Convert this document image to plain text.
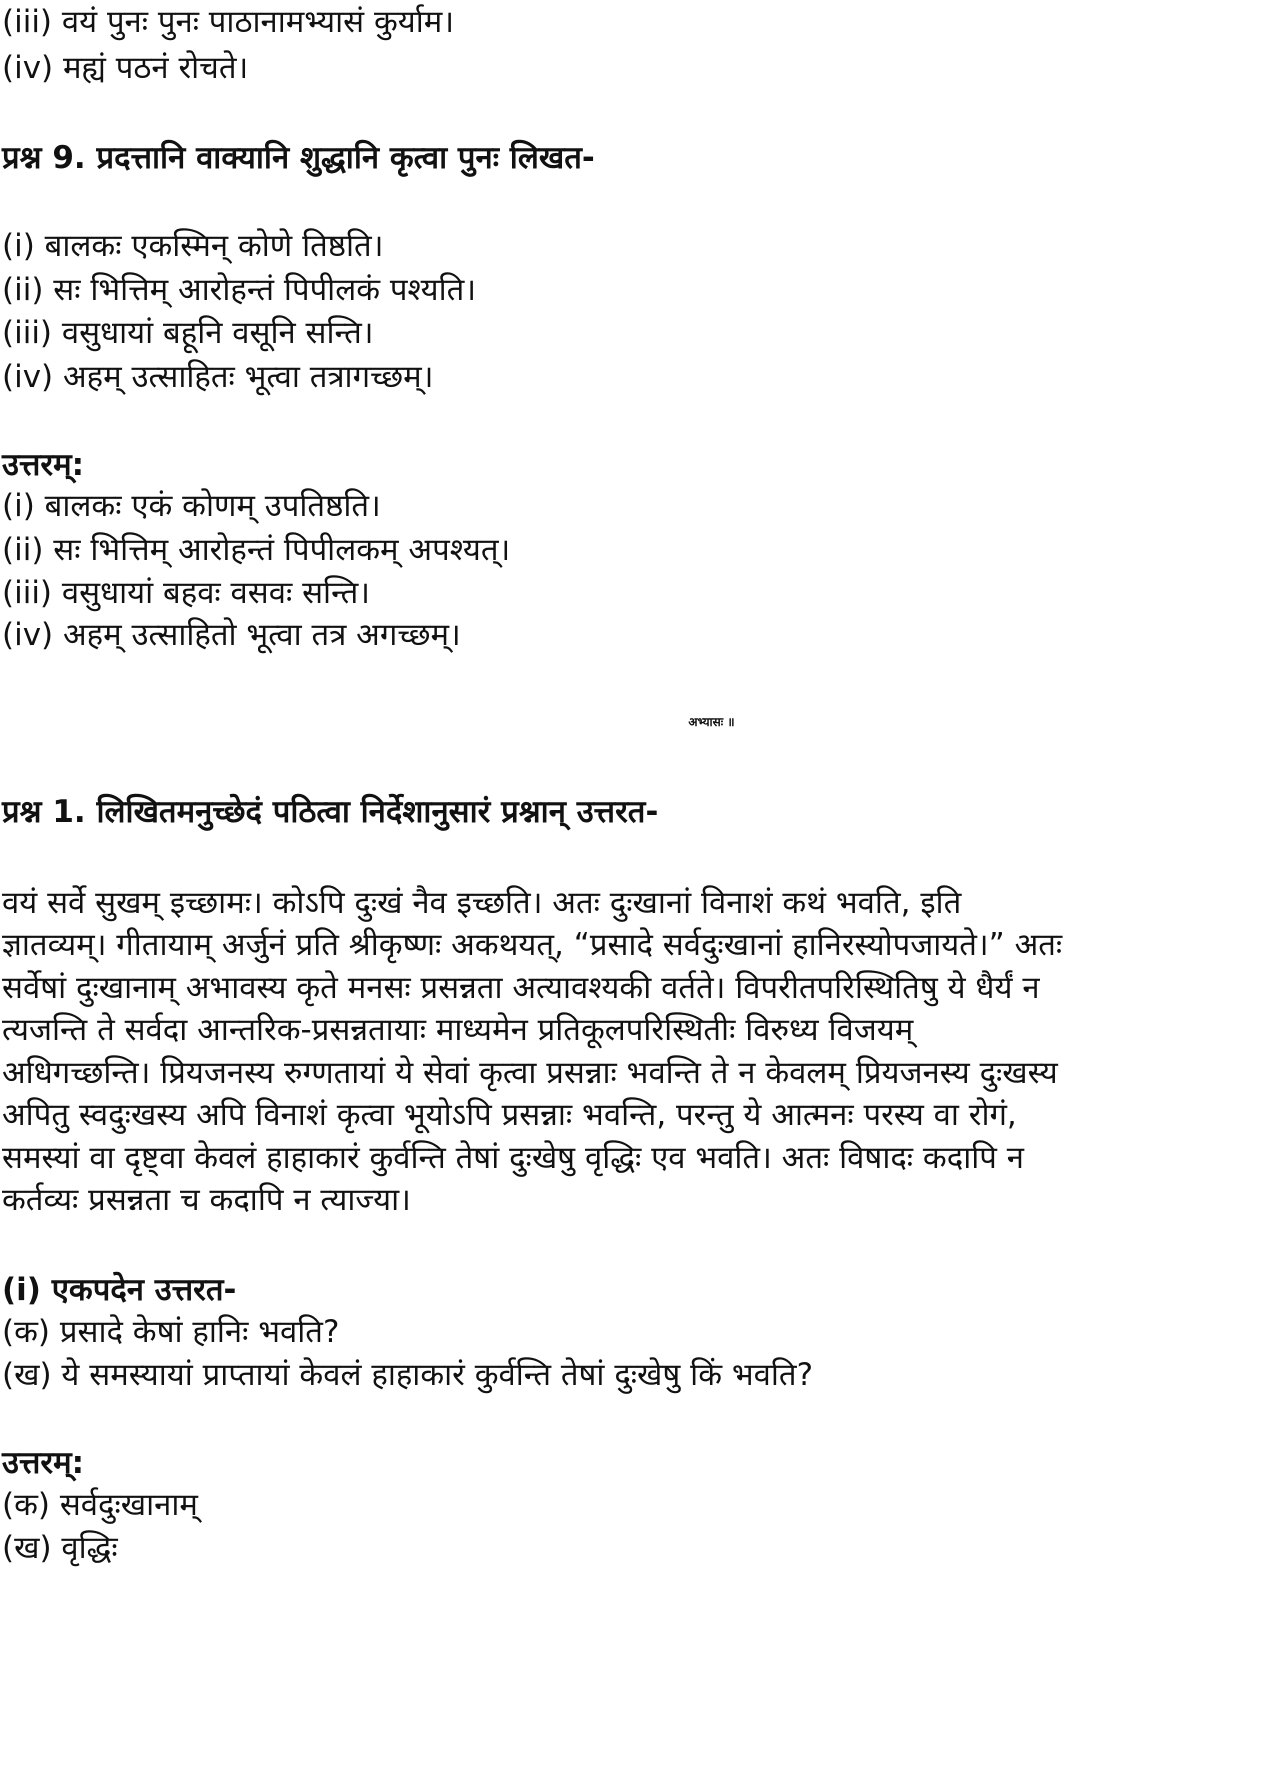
(iii) वयं पुनः पुनः पाठानामभ्यासं कुर्याम।
(iv) मह्यं पठनं रोचते।
प्रश्न 9. प्रदत्तानि वाक्यानि शुद्धानि कृत्वा पुनः लिखत-
(i) बालकः एकस्मिन् कोणे तिष्ठति।
(ii) सः भित्तिम् आरोहन्तं पिपीलकं पश्यति।
(iii) वसुधायां बहूनि वसूनि सन्ति।
(iv) अहम् उत्साहितः भूत्वा तत्रागच्छम्।
उत्तरम्:
(i) बालकः एकं कोणम् उपतिष्ठति।
(ii) सः भित्तिम् आरोहन्तं पिपीलकम् अपश्यत्।
(iii) वसुधायां बहवः वसवः सन्ति।
(iv) अहम् उत्साहितो भूत्वा तत्र अगच्छम्।
अभ्यासः ॥
प्रश्न 1. लिखितमनुच्छेदं पठित्वा निर्देशानुसारं प्रश्नान् उत्तरत-
वयं सर्वे सुखम् इच्छामः। कोऽपि दुःखं नैव इच्छति। अतः दुःखानां विनाशं कथं भवति, इति
ज्ञातव्यम्। गीतायाम् अर्जुनं प्रति श्रीकृष्णः अकथयत्, “प्रसादे सर्वदुःखानां हानिरस्योपजायते।” अतः
सर्वेषां दुःखानाम् अभावस्य कृते मनसः प्रसन्नता अत्यावश्यकी वर्तते। विपरीतपरिस्थितिषु ये धैर्यं न
त्यजन्ति ते सर्वदा आन्तरिक-प्रसन्नतायाः माध्यमेन प्रतिकूलपरिस्थितीः विरुध्य विजयम्
अधिगच्छन्ति। प्रियजनस्य रुग्णतायां ये सेवां कृत्वा प्रसन्नाः भवन्ति ते न केवलम् प्रियजनस्य दुःखस्य
अपितु स्वदुःखस्य अपि विनाशं कृत्वा भूयोऽपि प्रसन्नाः भवन्ति, परन्तु ये आत्मनः परस्य वा रोगं,
समस्यां वा दृष्ट्वा केवलं हाहाकारं कुर्वन्ति तेषां दुःखेषु वृद्धिः एव भवति। अतः विषादः कदापि न
कर्तव्यः प्रसन्नता च कदापि न त्याज्या।
(i) एकपदेन उत्तरत-
(क) प्रसादे केषां हानिः भवति?
(ख) ये समस्यायां प्राप्तायां केवलं हाहाकारं कुर्वन्ति तेषां दुःखेषु किं भवति?
उत्तरम्:
(क) सर्वदुःखानाम्
(ख) वृद्धिः
